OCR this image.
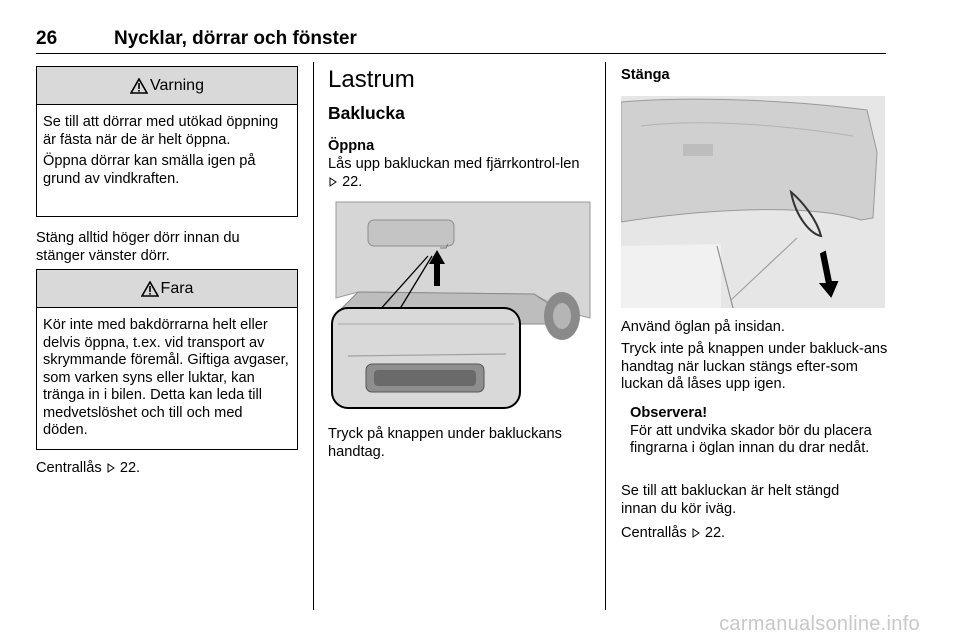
26	Nycklar, dörrar och fönster
Varning

Se till att dörrar med utökad öppning är fästa när de är helt öppna.

Öppna dörrar kan smälla igen på grund av vindkraften.

Stäng alltid höger dörr innan du stänger vänster dörr.
Fara

Kör inte med bakdörrarna helt eller delvis öppna, t.ex. vid transport av skrymmande föremål. Giftiga avgaser, som varken syns eller luktar, kan tränga in i bilen. Detta kan leda till medvetslöshet och till och med döden.

Centrallås 22.
Lastrum
Baklucka
Öppna
Lås upp bakluckan med fjärrkontrol-len  22.
Tryck på knappen under bakluckans handtag.
Stänga
Använd öglan på insidan.
Tryck inte på knappen under bakluck-ans handtag när luckan stängs efter-som luckan då låses upp igen.
Observera!
För att undvika skador bör du placera fingrarna i öglan innan du drar nedåt.
Se till att bakluckan är helt stängd innan du kör iväg.
Centrallås 22.
carmanualsonline.info
